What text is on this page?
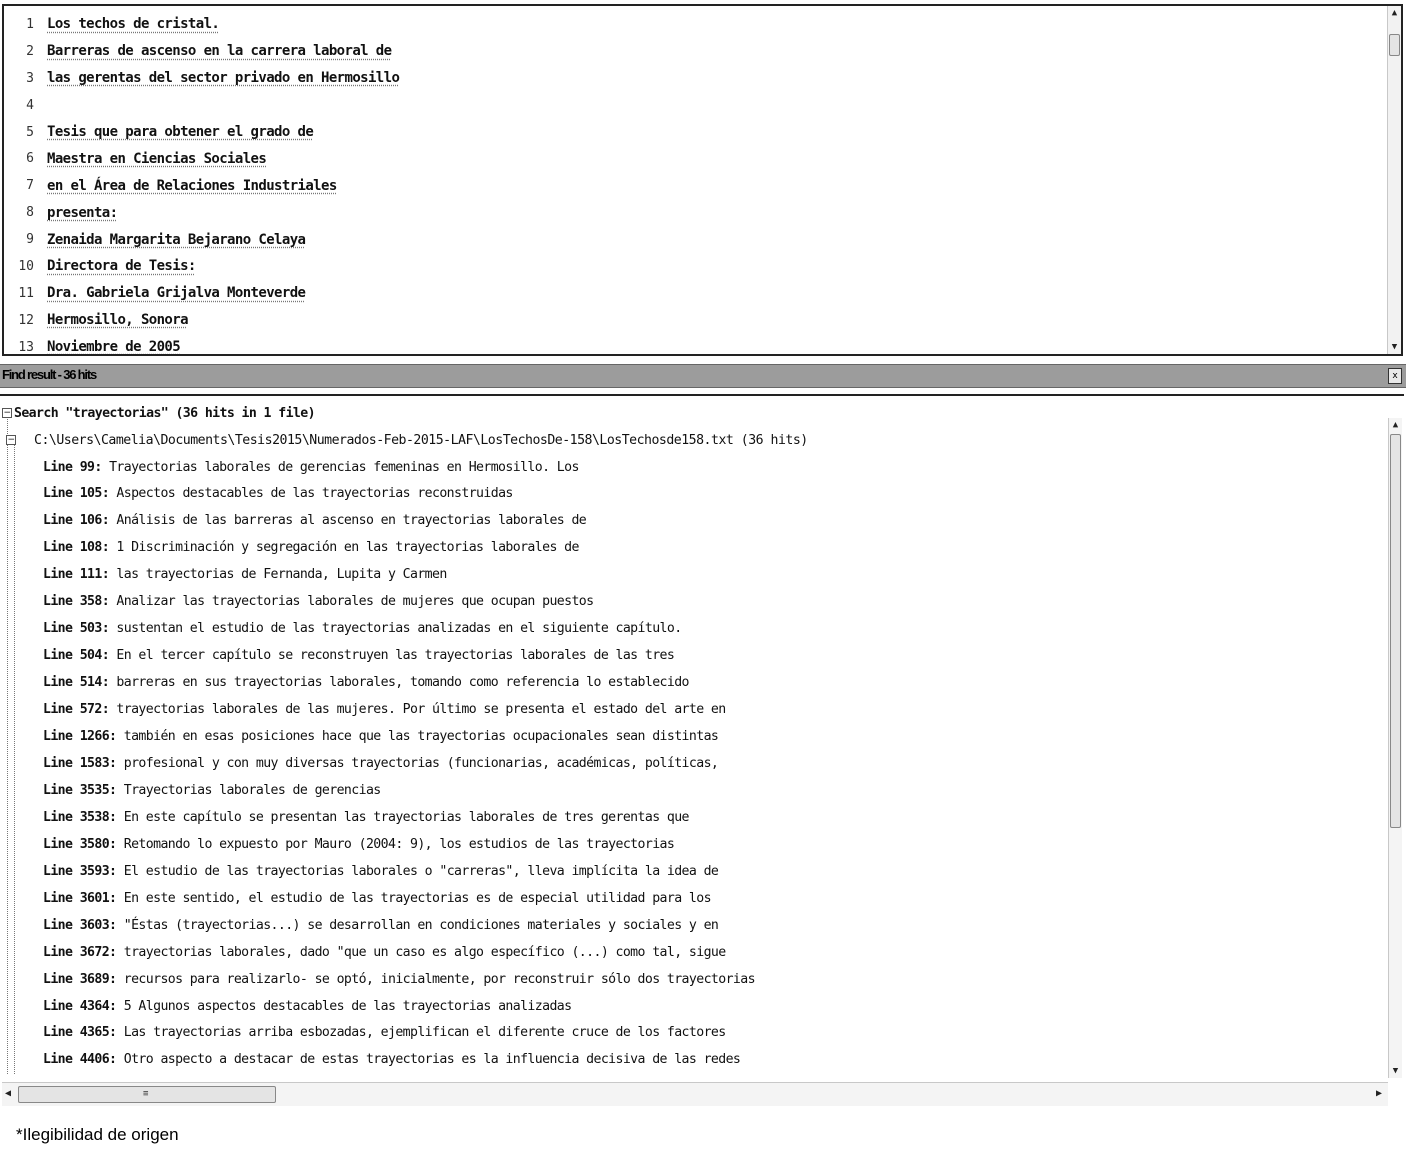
1 Los techos de cristal.
2 Barreras de ascenso en la carrera laboral de
3 las gerentas del sector privado en Hermosillo
4
5 Tesis que para obtener el grado de
6 Maestra en Ciencias Sociales
7 en el Área de Relaciones Industriales
8 presenta:
9 Zenaida Margarita Bejarano Celaya
10 Directora de Tesis:
11 Dra. Gabriela Grijalva Monteverde
12 Hermosillo, Sonora
13 Noviembre de 2005
▲
▼
Find result - 36 hits	x
− Search "trayectorias" (36 hits in 1 file)
− C:\Users\Camelia\Documents\Tesis2015\Numerados-Feb-2015-LAF\LosTechosDe-158\LosTechosde158.txt (36 hits)
Line 99:
Trayectorias laborales de gerencias femeninas en Hermosillo. Los
Line 105:
Aspectos destacables de las trayectorias reconstruidas
Line 106:
Análisis de las barreras al ascenso en trayectorias laborales de
Line 108:
1 Discriminación y segregación en las trayectorias laborales de
Line 111:
las trayectorias de Fernanda, Lupita y Carmen
Line 358:
Analizar las trayectorias laborales de mujeres que ocupan puestos
Line 503:
sustentan el estudio de las trayectorias analizadas en el siguiente capítulo.
Line 504:
En el tercer capítulo se reconstruyen las trayectorias laborales de las tres
Line 514:
barreras en sus trayectorias laborales, tomando como referencia lo establecido
Line 572:
trayectorias laborales de las mujeres. Por último se presenta el estado del arte en
Line 1266:
también en esas posiciones hace que las trayectorias ocupacionales sean distintas
Line 1583:
profesional y con muy diversas trayectorias (funcionarias, académicas, políticas,
Line 3535:
Trayectorias laborales de gerencias
Line 3538:
En este capítulo se presentan las trayectorias laborales de tres gerentas que
Line 3580:
Retomando lo expuesto por Mauro (2004: 9), los estudios de las trayectorias
Line 3593:
El estudio de las trayectorias laborales o "carreras", lleva implícita la idea de
Line 3601:
En este sentido, el estudio de las trayectorias es de especial utilidad para los
Line 3603:
"Éstas (trayectorias...) se desarrollan en condiciones materiales y sociales y en
Line 3672:
trayectorias laborales, dado "que un caso es algo específico (...) como tal, sigue
Line 3689:
recursos para realizarlo- se optó, inicialmente, por reconstruir sólo dos trayectorias
Line 4364:
5 Algunos aspectos destacables de las trayectorias analizadas
Line 4365:
Las trayectorias arriba esbozadas, ejemplifican el diferente cruce de los factores
Line 4406:
Otro aspecto a destacar de estas trayectorias es la influencia decisiva de las redes

▲
▼
◀	≡	▶
*Ilegibilidad de origen
